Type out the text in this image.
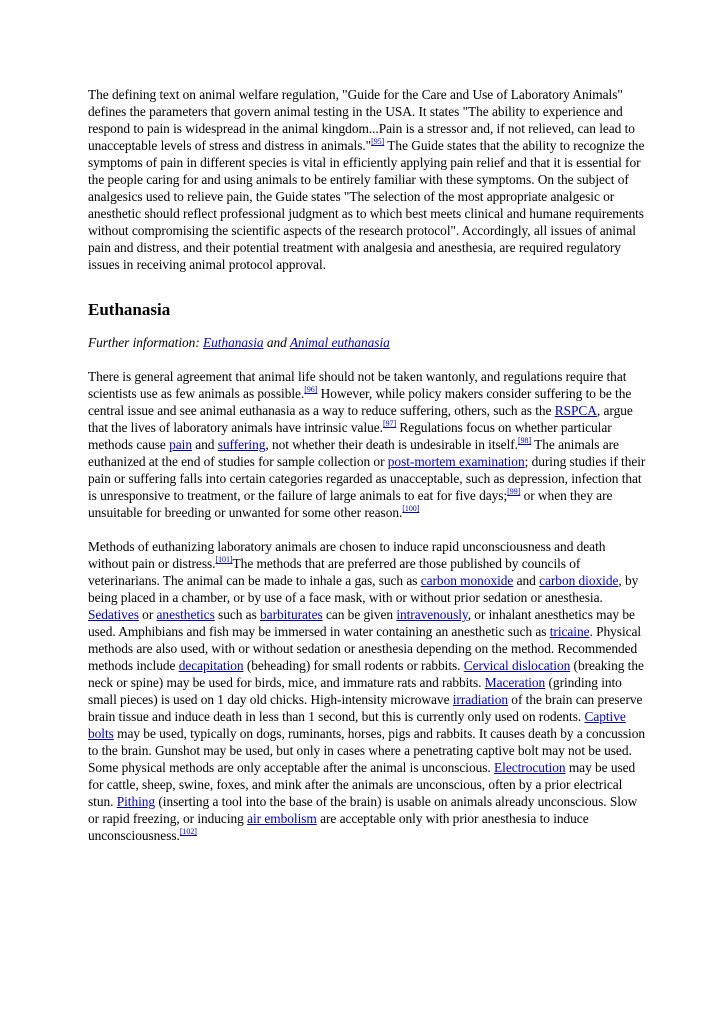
The defining text on animal welfare regulation, "Guide for the Care and Use of Laboratory Animals" defines the parameters that govern animal testing in the USA. It states "The ability to experience and respond to pain is widespread in the animal kingdom...Pain is a stressor and, if not relieved, can lead to unacceptable levels of stress and distress in animals."[95] The Guide states that the ability to recognize the symptoms of pain in different species is vital in efficiently applying pain relief and that it is essential for the people caring for and using animals to be entirely familiar with these symptoms. On the subject of analgesics used to relieve pain, the Guide states "The selection of the most appropriate analgesic or anesthetic should reflect professional judgment as to which best meets clinical and humane requirements without compromising the scientific aspects of the research protocol". Accordingly, all issues of animal pain and distress, and their potential treatment with analgesia and anesthesia, are required regulatory issues in receiving animal protocol approval.

Euthanasia

Further information: Euthanasia and Animal euthanasia

There is general agreement that animal life should not be taken wantonly, and regulations require that scientists use as few animals as possible.[96] However, while policy makers consider suffering to be the central issue and see animal euthanasia as a way to reduce suffering, others, such as the RSPCA, argue that the lives of laboratory animals have intrinsic value.[97] Regulations focus on whether particular methods cause pain and suffering, not whether their death is undesirable in itself.[98] The animals are euthanized at the end of studies for sample collection or post-mortem examination; during studies if their pain or suffering falls into certain categories regarded as unacceptable, such as depression, infection that is unresponsive to treatment, or the failure of large animals to eat for five days;[99] or when they are unsuitable for breeding or unwanted for some other reason.[100]

Methods of euthanizing laboratory animals are chosen to induce rapid unconsciousness and death without pain or distress.[101]The methods that are preferred are those published by councils of veterinarians. The animal can be made to inhale a gas, such as carbon monoxide and carbon dioxide, by being placed in a chamber, or by use of a face mask, with or without prior sedation or anesthesia. Sedatives or anesthetics such as barbiturates can be given intravenously, or inhalant anesthetics may be used. Amphibians and fish may be immersed in water containing an anesthetic such as tricaine. Physical methods are also used, with or without sedation or anesthesia depending on the method. Recommended methods include decapitation (beheading) for small rodents or rabbits. Cervical dislocation (breaking the neck or spine) may be used for birds, mice, and immature rats and rabbits. Maceration (grinding into small pieces) is used on 1 day old chicks. High-intensity microwave irradiation of the brain can preserve brain tissue and induce death in less than 1 second, but this is currently only used on rodents. Captive bolts may be used, typically on dogs, ruminants, horses, pigs and rabbits. It causes death by a concussion to the brain. Gunshot may be used, but only in cases where a penetrating captive bolt may not be used. Some physical methods are only acceptable after the animal is unconscious. Electrocution may be used for cattle, sheep, swine, foxes, and mink after the animals are unconscious, often by a prior electrical stun. Pithing (inserting a tool into the base of the brain) is usable on animals already unconscious. Slow or rapid freezing, or inducing air embolism are acceptable only with prior anesthesia to induce unconsciousness.[102]
